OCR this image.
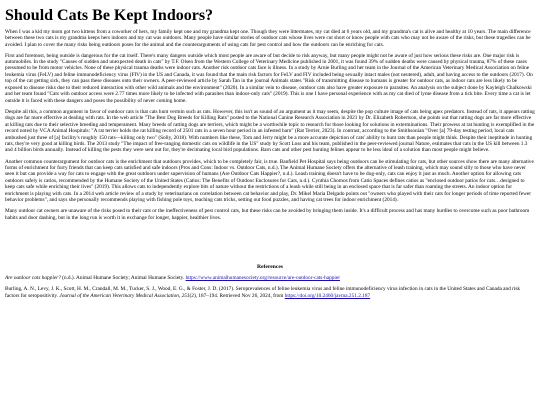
Should Cats Be Kept Indoors?

When I was a kid my mom got two kittens from a coworker of hers, my family kept one and my grandma kept one. Though they were littermates, my cat died at 6 years old, and my grandma's cat is alive and healthy at 10 years. The main difference between these two cats is my grandma keeps hers indoors and my cat was outdoors. Many people have similar stories of outdoor cats whose lives were cut short or know people with cats who may not be aware of the risks, but these tragedies can be avoided. I plan to cover the many risks being outdoors poses for the animal and the counterarguments of using cats for pest control and how the outdoors can be enriching for cats.

First and foremost, being outside is dangerous for the cat itself. There's many dangers outside which most people are aware of but decide to risk anyway, but many people might not be aware of just how serious these risks are. One major risk is automobiles. In the study "Causes of sudden and unexpected death in cats" by T.F. Olsen from the Western College of Veterinary Medicine published in 2001, it was found 39% of sudden deaths were caused by physical trauma, 87% of these cases presumed to be from motor vehicles. None of these physical trauma deaths were indoor cats. Another risk outdoor cats face is illness. In a study by Arnie Burling and her team in the Journal of the American Veterinary Medical Association on feline leukemia virus (FeLV) and feline immunodeficiency virus (FIV) in the US and Canada, it was found that the main risk factors for FeLV and FIV included being sexually intact males (not neutered), adult, and having access to the outdoors (2017). On top of the cat getting sick, they can pass these diseases onto their owners. A peer-reviewed article by Sarah Tan in the journal Animals states "Risk of transmitting disease to humans is greater for outdoor cats, as indoor cats are less likely to be exposed to disease risks due to their reduced interaction with other wild animals and the environment" (2020). In a similar vein to disease, outdoor cats also have greater exposure to parasites. An analysis on the subject done by Kayleigh Chalkowski and her team found "Cats with outdoor access were 2.77 times more likely to be infected with parasites than indoor-only cats" (2019). This is one I have personal experience with as my cat died of lyme disease from a tick bite. Every time a cat is let outside it is faced with these dangers and poses the possibility of never coming home.

Despite all this, a common argument in favor of outdoor cats is that cats hunt vermin such as rats. However, this isn't as sound of an argument as it may seem, despite the pop culture image of cats being apex predators. Instead of rats, it appears ratting dogs are far more effective at dealing with rats. In the web article "The Best Dog Breeds for Killing Rats" posted to the National Canine Research Association in 2021 by Dr. Elizabeth Robertson, she points out that ratting dogs are far more effective at killing rats due to their selective breeding and temperament. Many breeds of ratting dogs are terriers, which might be a worthwhile topic to research for those looking for solutions in exterminations. Their prowess at rat hunting is exemplified in the record noted by VCA Animal Hospitals: "A rat terrier holds the rat killing record of 2501 rats in a seven hour period in an infested barn" (Rat Terrier, 2023). In contrast, according to the Smithsonian "Over [a] 79-day testing period, local cats ambushed just three of [a] facility's roughly 150 rats—killing only two" (Solly, 2018). With numbers like these, Tom and Jerry might be a more accurate depiction of cats' ability to hunt rats than people might think. Despite their ineptitude in hunting rats, they're very good at killing birds. The 2013 study "The impact of free-ranging domestic cats on wildlife in the US" study by Scott Loss and his team, published in the peer-reviewed journal Nature, estimates that cats in the US kill between 1.3 and 4 billion birds annually. Instead of killing the pests they were sent out for, they're decimating local bird populations. Barn cats and other pest hunting felines appear to be less ideal of a solution than most people might believe.

Another common counterargument for outdoor cats is the enrichment that outdoors provides, which to be completely fair, is true. Banfield Pet Hospital says being outdoors can be stimulating for cats, but other sources show there are many alternative forms of enrichment for furry friends that can keep cats satisfied and safe indoors (Pros and Cons: Indoor vs. Outdoor Cats, n.d.). The Animal Humane Society offers the alternative of leash training, which may sound silly to those who have never seen it but can provide a way for cats to engage with the great outdoors under supervision of humans (Are Outdoor Cats Happier?, n.d.). Leash training doesn't have to be dog-only, cats can enjoy it just as much. Another option for allowing cats outdoors safely is catios, recommended by the Humane Society of the United States (Catios: The Benefits of Outdoor Enclosures for Cats, n.d.). Cynthia Chomos from Catio Spaces defines catios as "enclosed outdoor patios for cats…designed to keep cats safe while enriching their lives" (2019). This allows cats to independently explore bits of nature without the restrictions of a leash while still being in an enclosed space that is far safer than roaming the streets. An indoor option for enrichment is playing with cats. In a 2014 web article review of a study by veterinarians on correlation between cat behavior and play, Dr. Mikel Maria Delgado points out "owners who played with their cats for longer periods of time reported fewer behavior problems", and says she personally recommends playing with fishing pole toys, teaching cats tricks, setting out food puzzles, and having cat trees for indoor enrichment (2014).

Many outdoor cat owners are unaware of the risks posed to their cats or the ineffectiveness of pest control cats, but these risks can be avoided by bringing them inside. It's a difficult process and has many hurdles to overcome such as poor bathroom habits and door dashing, but in the long run is worth it in exchange for longer, happier, healthier lives.

References
Are outdoor cats happier? (n.d.). Animal Humane Society; Animal Humane Society. https://www.animalhumanesociety.org/resource/are-outdoor-cats-happier
Burling, A. N., Levy, J. K., Scott, H. M., Crandall, M. M., Tucker, S. J., Wood, E. G., & Foster, J. D. (2017). Seroprevalences of feline leukemia virus and feline immunodeficiency virus infection in cats in the United States and Canada and risk factors for seropositivity. Journal of the American Veterinary Medical Association, 251(2), 187–194. Retrieved Nov 26, 2024, from https://doi.org/10.2460/javma.251.2.187
